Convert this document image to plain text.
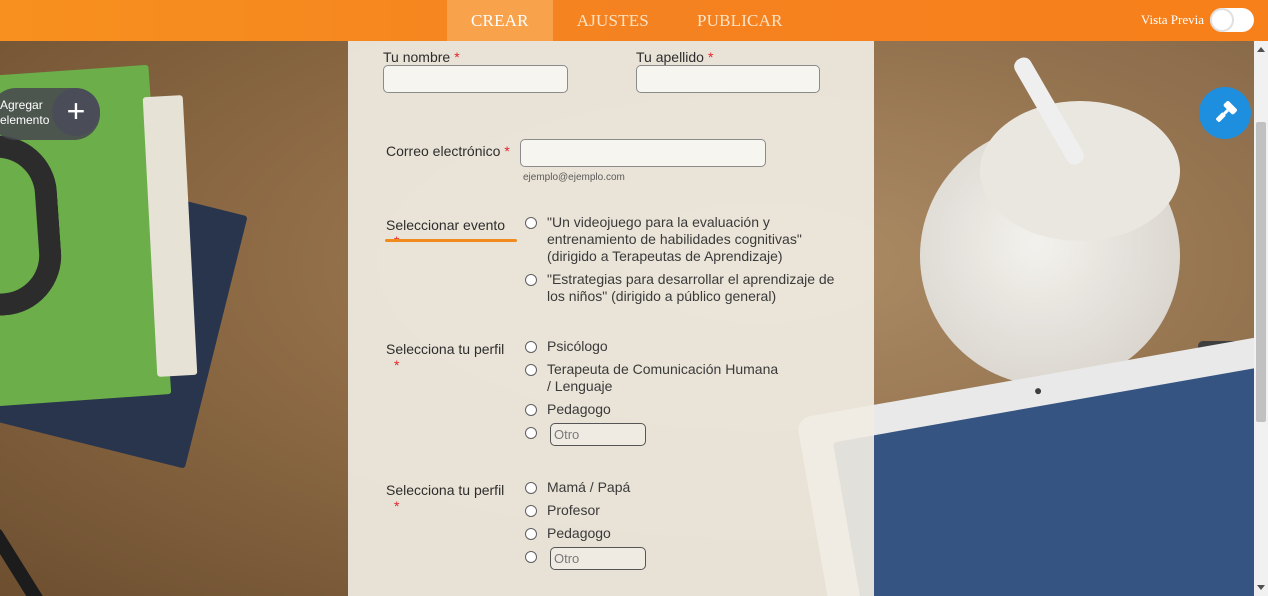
CREAR	AJUSTES	PUBLICAR	Vista Previa
Agregar elemento +
Tu nombre *	Tu apellido *
Correo electrónico *
ejemplo@ejemplo.com
Seleccionar evento	"Un videojuego para la evaluación y entrenamiento de habilidades cognitivas" (dirigido a Terapeutas de Aprendizaje)
"Estrategias para desarrollar el aprendizaje de los niños" (dirigido a público general)
Selecciona tu perfil
*
Psicólogo
Terapeuta de Comunicación Humana / Lenguaje
Pedagogo
Otro
Selecciona tu perfil
*
Mamá / Papá
Profesor
Pedagogo
Otro
